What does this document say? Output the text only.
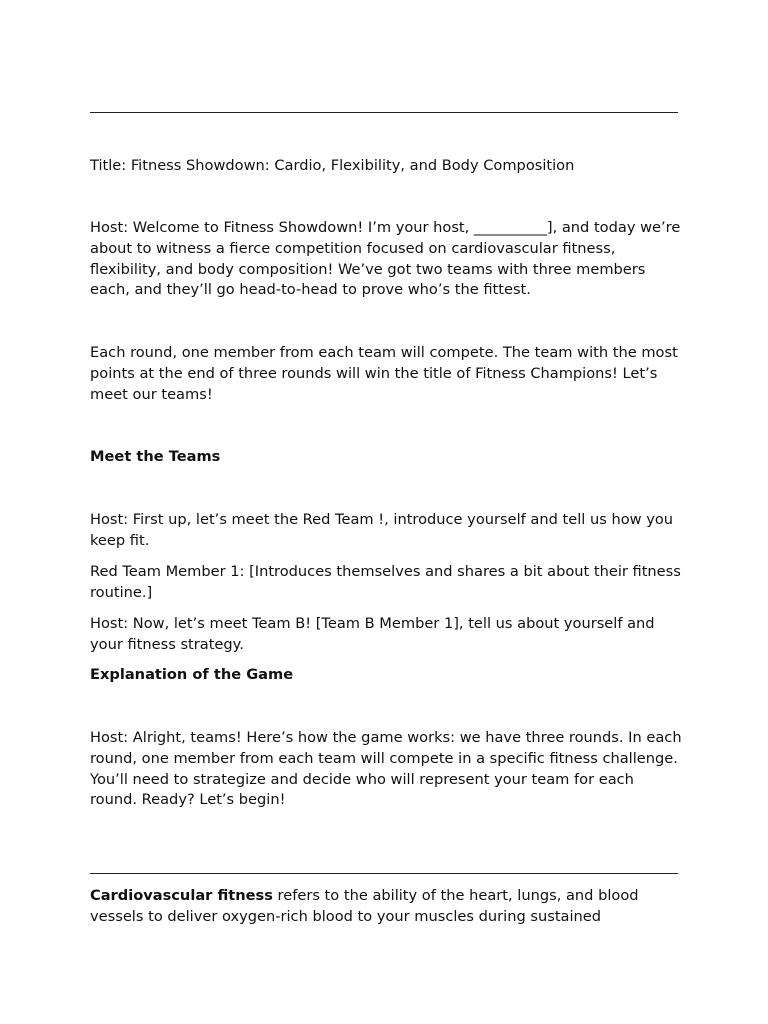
Title: Fitness Showdown: Cardio, Flexibility, and Body Composition

Host: Welcome to Fitness Showdown! I’m your host, __________], and today we’re about to witness a fierce competition focused on cardiovascular fitness, flexibility, and body composition! We’ve got two teams with three members each, and they’ll go head-to-head to prove who’s the fittest.

Each round, one member from each team will compete. The team with the most points at the end of three rounds will win the title of Fitness Champions! Let’s meet our teams!

Meet the Teams

Host: First up, let’s meet the Red Team !, introduce yourself and tell us how you keep fit.

Red Team Member 1: [Introduces themselves and shares a bit about their fitness routine.]

Host: Now, let’s meet Team B! [Team B Member 1], tell us about yourself and your fitness strategy.

Explanation of the Game

Host: Alright, teams! Here’s how the game works: we have three rounds. In each round, one member from each team will compete in a specific fitness challenge. You’ll need to strategize and decide who will represent your team for each round. Ready? Let’s begin!

Cardiovascular fitness refers to the ability of the heart, lungs, and blood vessels to deliver oxygen-rich blood to your muscles during sustained
